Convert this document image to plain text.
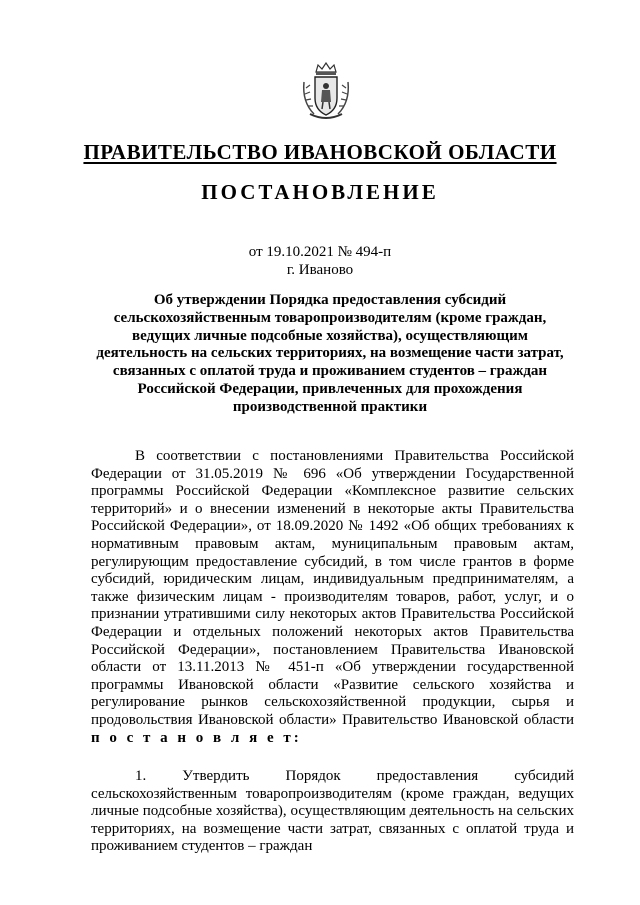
ПРАВИТЕЛЬСТВО ИВАНОВСКОЙ ОБЛАСТИ
ПОСТАНОВЛЕНИЕ
от 19.10.2021 № 494-п
г. Иваново
Об утверждении Порядка предоставления субсидий сельскохозяйственным товаропроизводителям (кроме граждан, ведущих личные подсобные хозяйства), осуществляющим деятельность на сельских территориях, на возмещение части затрат, связанных с оплатой труда и проживанием студентов – граждан Российской Федерации, привлеченных для прохождения производственной практики

В соответствии с постановлениями Правительства Российской Федерации от 31.05.2019 № 696 «Об утверждении Государственной программы Российской Федерации «Комплексное развитие сельских территорий» и о внесении изменений в некоторые акты Правительства Российской Федерации», от 18.09.2020 № 1492 «Об общих требованиях к нормативным правовым актам, муниципальным правовым актам, регулирующим предоставление субсидий, в том числе грантов в форме субсидий, юридическим лицам, индивидуальным предпринимателям, а также физическим лицам - производителям товаров, работ, услуг, и о признании утратившими силу некоторых актов Правительства Российской Федерации и отдельных положений некоторых актов Правительства Российской Федерации», постановлением Правительства Ивановской области от 13.11.2013 № 451-п «Об утверждении государственной программы Ивановской области «Развитие сельского хозяйства и регулирование рынков сельскохозяйственной продукции, сырья и продовольствия Ивановской области» Правительство Ивановской области п о с т а н о в л я е т:

1. Утвердить Порядок предоставления субсидий сельскохозяйственным товаропроизводителям (кроме граждан, ведущих личные подсобные хозяйства), осуществляющим деятельность на сельских территориях, на возмещение части затрат, связанных с оплатой труда и проживанием студентов – граждан
